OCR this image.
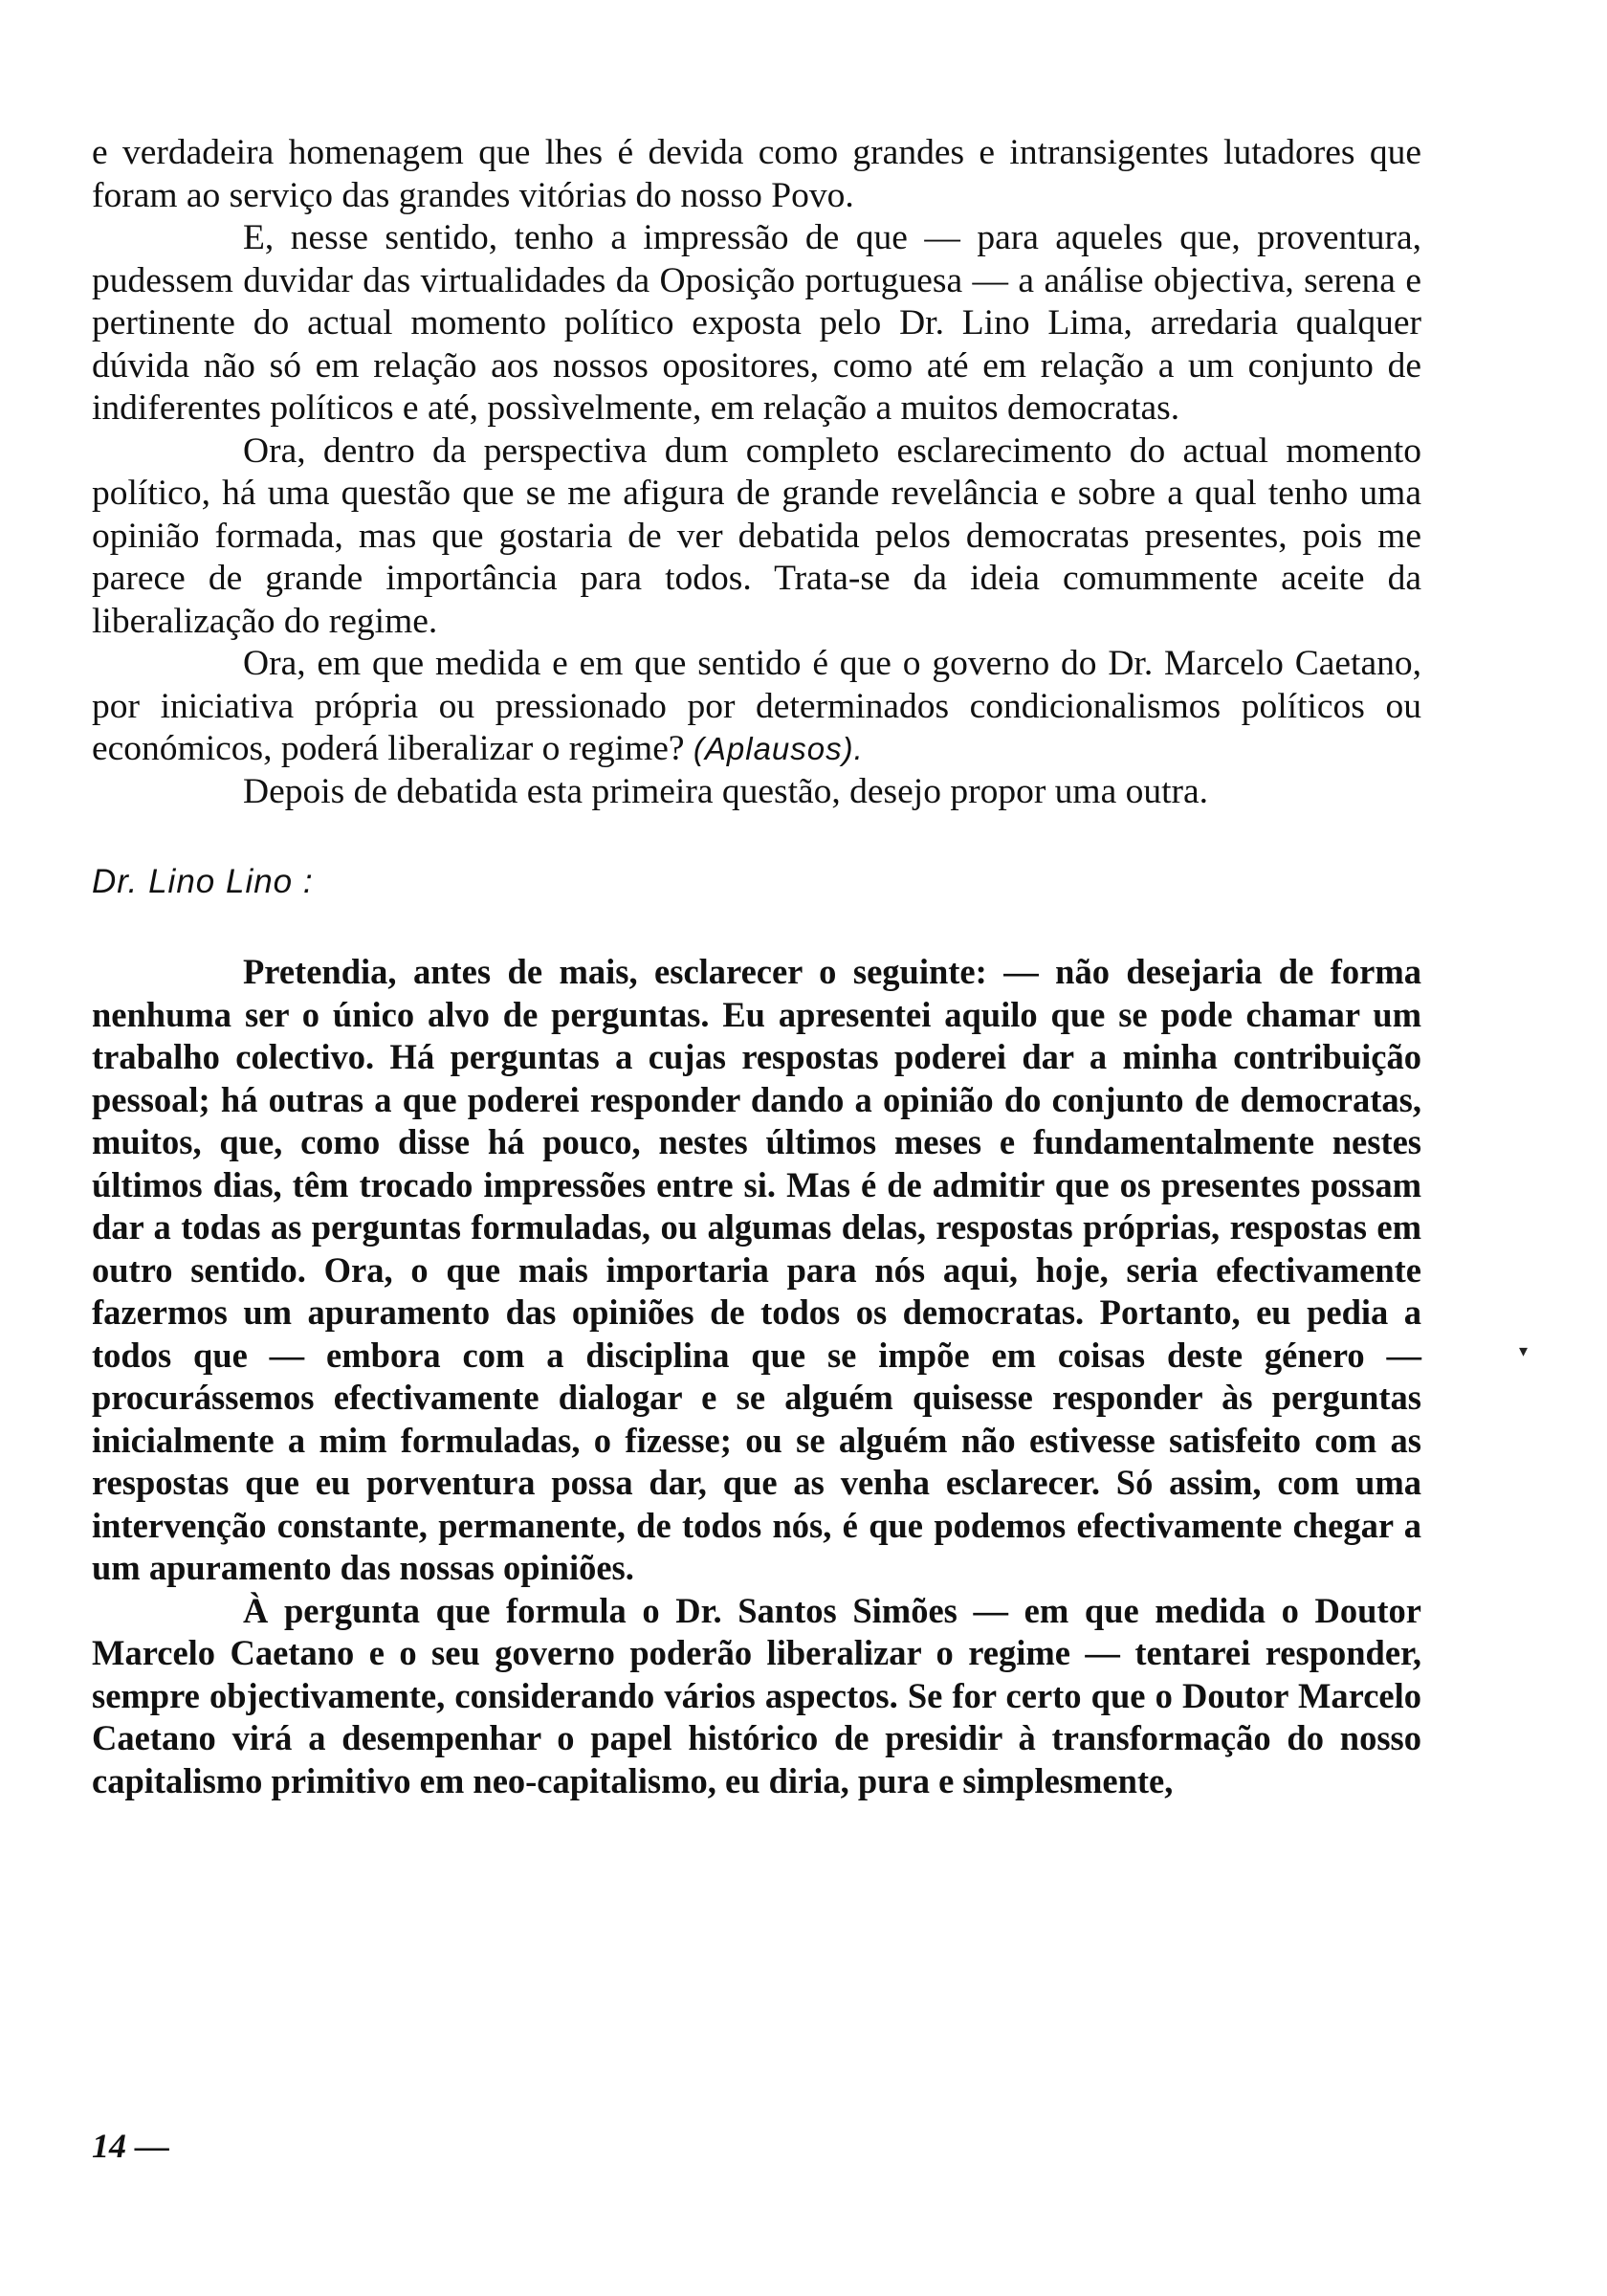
e verdadeira homenagem que lhes é devida como grandes e intransigentes lutadores que foram ao serviço das grandes vitórias do nosso Povo.

E, nesse sentido, tenho a impressão de que — para aqueles que, proventura, pudessem duvidar das virtualidades da Oposição portuguesa — a análise objectiva, serena e pertinente do actual momento político exposta pelo Dr. Lino Lima, arredaria qualquer dúvida não só em relação aos nossos opositores, como até em relação a um conjunto de indiferentes políticos e até, possìvelmente, em relação a muitos democratas.

Ora, dentro da perspectiva dum completo esclarecimento do actual momento político, há uma questão que se me afigura de grande revelância e sobre a qual tenho uma opinião formada, mas que gostaria de ver debatida pelos democratas presentes, pois me parece de grande importância para todos. Trata-se da ideia comummente aceite da liberalização do regime.

Ora, em que medida e em que sentido é que o governo do Dr. Marcelo Caetano, por iniciativa própria ou pressionado por determinados condicionalismos políticos ou económicos, poderá liberalizar o regime? (Aplausos).

Depois de debatida esta primeira questão, desejo propor uma outra.

Dr. Lino Lino :

Pretendia, antes de mais, esclarecer o seguinte: — não desejaria de forma nenhuma ser o único alvo de perguntas. Eu apresentei aquilo que se pode chamar um trabalho colectivo. Há perguntas a cujas respostas poderei dar a minha contribuição pessoal; há outras a que poderei responder dando a opinião do conjunto de democratas, muitos, que, como disse há pouco, nestes últimos meses e fundamentalmente nestes últimos dias, têm trocado impressões entre si. Mas é de admitir que os presentes possam dar a todas as perguntas formuladas, ou algumas delas, respostas próprias, respostas em outro sentido. Ora, o que mais importaria para nós aqui, hoje, seria efectivamente fazermos um apuramento das opiniões de todos os democratas. Portanto, eu pedia a todos que — embora com a disciplina que se impõe em coisas deste género — procurássemos efectivamente dialogar e se alguém quisesse responder às perguntas inicialmente a mim formuladas, o fizesse; ou se alguém não estivesse satisfeito com as respostas que eu porventura possa dar, que as venha esclarecer. Só assim, com uma intervenção constante, permanente, de todos nós, é que podemos efectivamente chegar a um apuramento das nossas opiniões.

À pergunta que formula o Dr. Santos Simões — em que medida o Doutor Marcelo Caetano e o seu governo poderão liberalizar o regime — tentarei responder, sempre objectivamente, considerando vários aspectos. Se for certo que o Doutor Marcelo Caetano virá a desempenhar o papel histórico de presidir à transformação do nosso capitalismo primitivo em neo-capitalismo, eu diria, pura e simplesmente,

▾
14 —
